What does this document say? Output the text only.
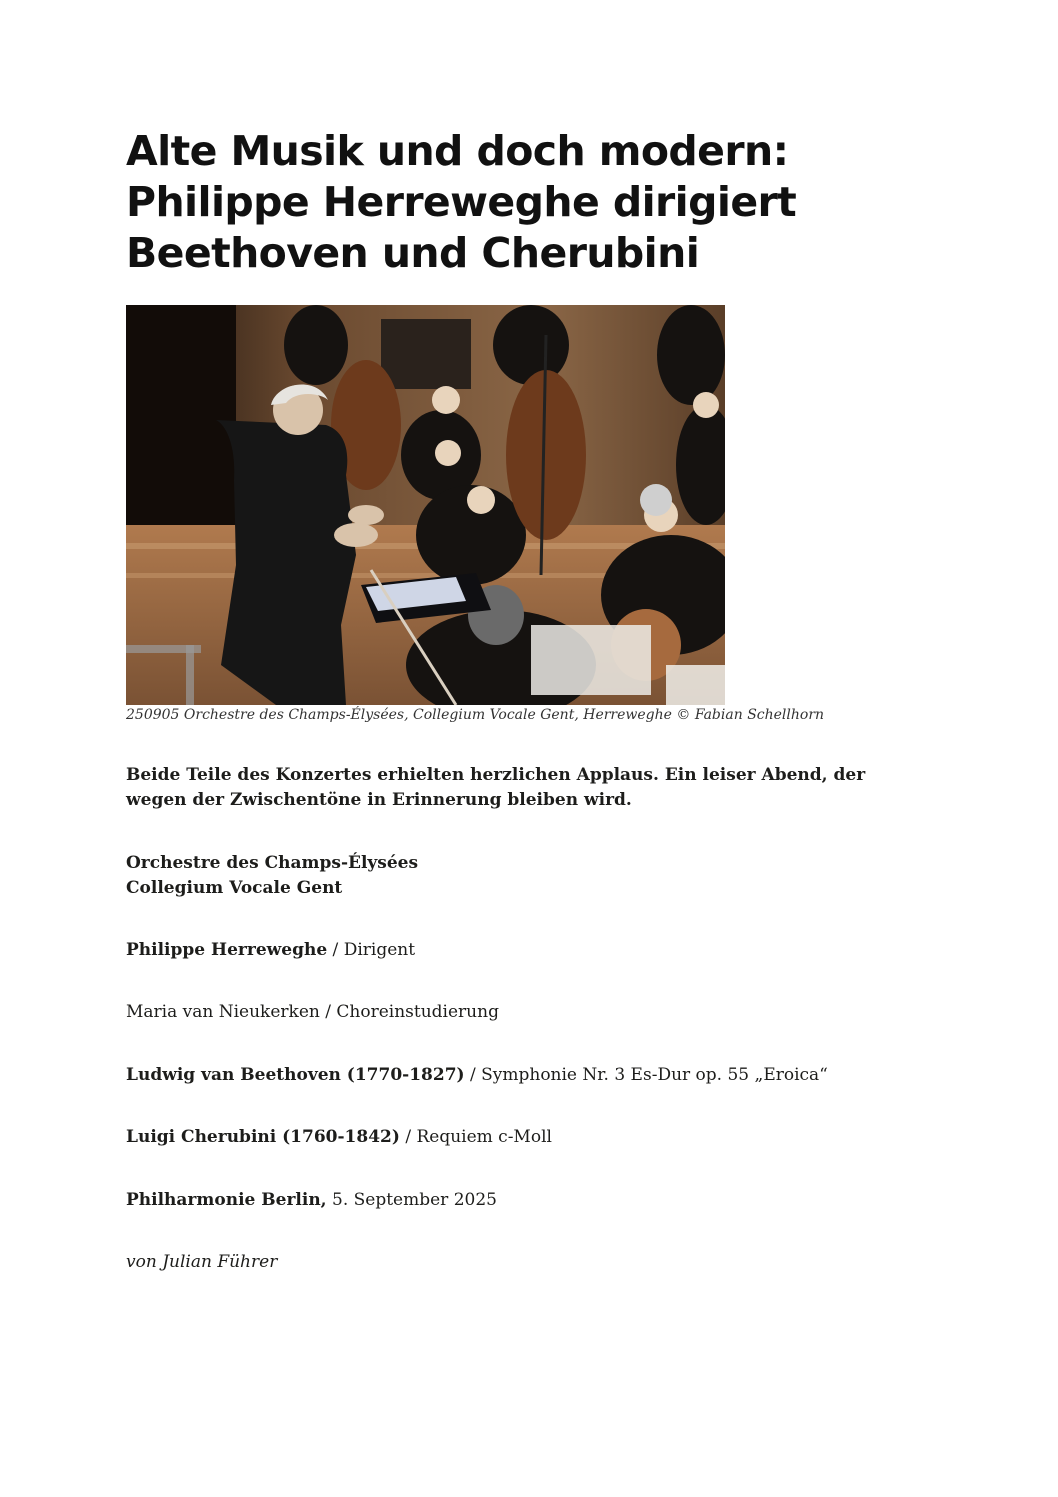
Alte Musik und doch modern:
Philippe Herreweghe dirigiert
Beethoven und Cherubini
250905 Orchestre des Champs-Élysées, Collegium Vocale Gent, Herreweghe © Fabian Schellhorn
Beide Teile des Konzertes erhielten herzlichen Applaus. Ein leiser Abend, der
wegen der Zwischentöne in Erinnerung bleiben wird.
Orchestre des Champs-Élysées
Collegium Vocale Gent
Philippe Herreweghe / Dirigent
Maria van Nieukerken / Choreinstudierung
Ludwig van Beethoven (1770-1827) / Symphonie Nr. 3 Es-Dur op. 55 „Eroica“
Luigi Cherubini (1760-1842) / Requiem c-Moll
Philharmonie Berlin, 5. September 2025
von Julian Führer
